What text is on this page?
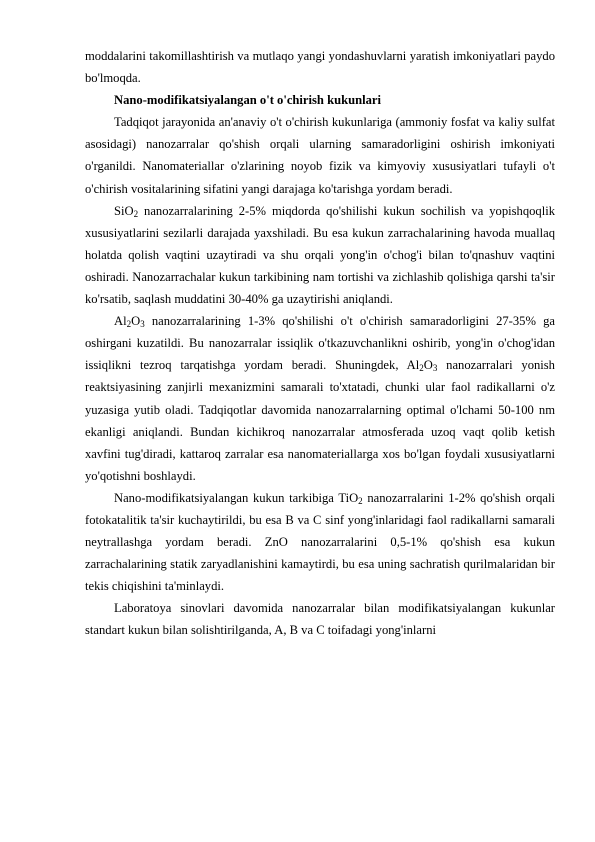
moddalarini takomillashtirish va mutlaqo yangi yondashuvlarni yaratish imkoniyatlari paydo bo'lmoqda.

Nano-modifikatsiyalangan o't o'chirish kukunlari

Tadqiqot jarayonida an'anaviy o't o'chirish kukunlariga (ammoniy fosfat va kaliy sulfat asosidagi) nanozarralar qo'shish orqali ularning samaradorligini oshirish imkoniyati o'rganildi. Nanomateriallar o'zlarining noyob fizik va kimyoviy xususiyatlari tufayli o't o'chirish vositalarining sifatini yangi darajaga ko'tarishga yordam beradi.

SiO$_2$ nanozarralarining 2-5% miqdorda qo'shilishi kukun sochilish va yopishqoqlik xususiyatlarini sezilarli darajada yaxshiladi. Bu esa kukun zarrachalarining havoda muallaq holatda qolish vaqtini uzaytiradi va shu orqali yong'in o'chog'i bilan to'qnashuv vaqtini oshiradi. Nanozarrachalar kukun tarkibining nam tortishi va zichlashib qolishiga qarshi ta'sir ko'rsatib, saqlash muddatini 30-40% ga uzaytirishi aniqlandi.

$Al_2O_3$ nanozarralarining 1-3% qo'shilishi o't o'chirish samaradorligini 27-35% ga oshirgani kuzatildi. Bu nanozarralar issiqlik o'tkazuvchanlikni oshirib, yong'in o'chog'idan issiqlikni tezroq tarqatishga yordam beradi. Shuningdek, $Al_2O_3$ nanozarralari yonish reaktsiyasining zanjirli mexanizmini samarali to'xtatadi, chunki ular faol radikallarni o'z yuzasiga yutib oladi. Tadqiqotlar davomida nanozarralarning optimal o'lchami 50-100 nm ekanligi aniqlandi. Bundan kichikroq nanozarralar atmosferada uzoq vaqt qolib ketish xavfini tug'diradi, kattaroq zarralar esa nanomateriallarga xos bo'lgan foydali xususiyatlarni yo'qotishni boshlaydi.

Nano-modifikatsiyalangan kukun tarkibiga TiO$_2$ nanozarralarini 1-2% qo'shish orqali fotokatalitik ta'sir kuchaytirildi, bu esa B va C sinf yong'inlaridagi faol radikallarni samarali neytrallashga yordam beradi. ZnO nanozarralarini 0,5-1% qo'shish esa kukun zarrachalarining statik zaryadlanishini kamaytirdi, bu esa uning sachratish qurilmalaridan bir tekis chiqishini ta'minlaydi.

Laboratoya sinovlari davomida nanozarralar bilan modifikatsiyalangan kukunlar standart kukun bilan solishtirilganda, A, B va C toifadagi yong'inlarni
